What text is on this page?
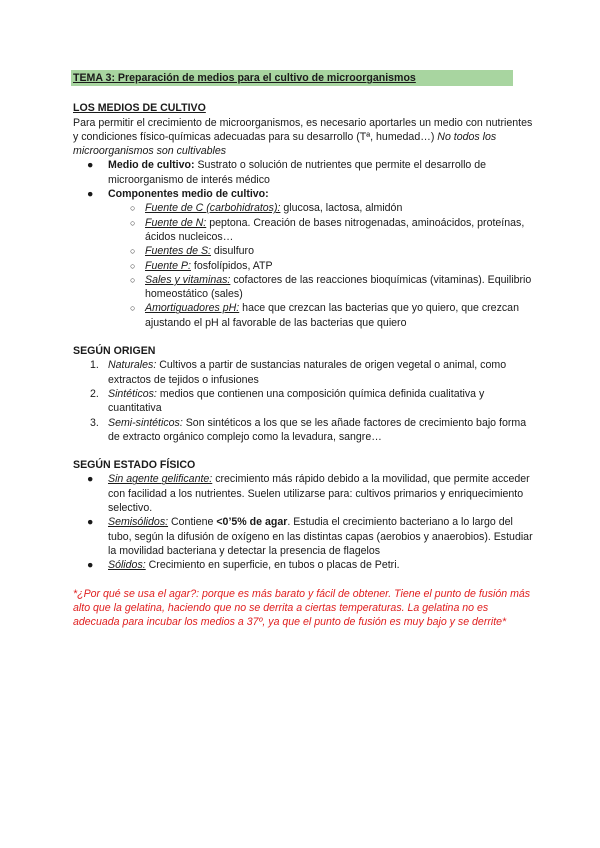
TEMA 3: Preparación de medios para el cultivo de microorganismos

LOS MEDIOS DE CULTIVO

Para permitir el crecimiento de microorganismos, es necesario aportarles un medio con nutrientes y condiciones físico-químicas adecuadas para su desarrollo (Tª, humedad…) No todos los microorganismos son cultivables

● Medio de cultivo: Sustrato o solución de nutrientes que permite el desarrollo de microorganismo de interés médico
● Componentes medio de cultivo:
○ Fuente de C (carbohidratos): glucosa, lactosa, almidón
○ Fuente de N: peptona. Creación de bases nitrogenadas, aminoácidos, proteínas, ácidos nucleicos…
○ Fuentes de S: disulfuro
○ Fuente P: fosfolípidos, ATP
○ Sales y vitaminas: cofactores de las reacciones bioquímicas (vitaminas). Equilibrio homeostático (sales)
○ Amortiguadores pH: hace que crezcan las bacterias que yo quiero, que crezcan ajustando el pH al favorable de las bacterias que quiero

SEGÚN ORIGEN

1. Naturales: Cultivos a partir de sustancias naturales de origen vegetal o animal, como extractos de tejidos o infusiones
2. Sintéticos: medios que contienen una composición química definida cualitativa y cuantitativa
3. Semi-sintéticos: Son sintéticos a los que se les añade factores de crecimiento bajo forma de extracto orgánico complejo como la levadura, sangre…

SEGÚN ESTADO FÍSICO

● Sin agente gelificante: crecimiento más rápido debido a la movilidad, que permite acceder con facilidad a los nutrientes. Suelen utilizarse para: cultivos primarios y enriquecimiento selectivo.
● Semisólidos: Contiene <0’5% de agar. Estudia el crecimiento bacteriano a lo largo del tubo, según la difusión de oxígeno en las distintas capas (aerobios y anaerobios). Estudiar la movilidad bacteriana y detectar la presencia de flagelos
● Sólidos: Crecimiento en superficie, en tubos o placas de Petri.

*¿Por qué se usa el agar?: porque es más barato y fácil de obtener. Tiene el punto de fusión más alto que la gelatina, haciendo que no se derrita a ciertas temperaturas. La gelatina no es adecuada para incubar los medios a 37º, ya que el punto de fusión es muy bajo y se derrite*
